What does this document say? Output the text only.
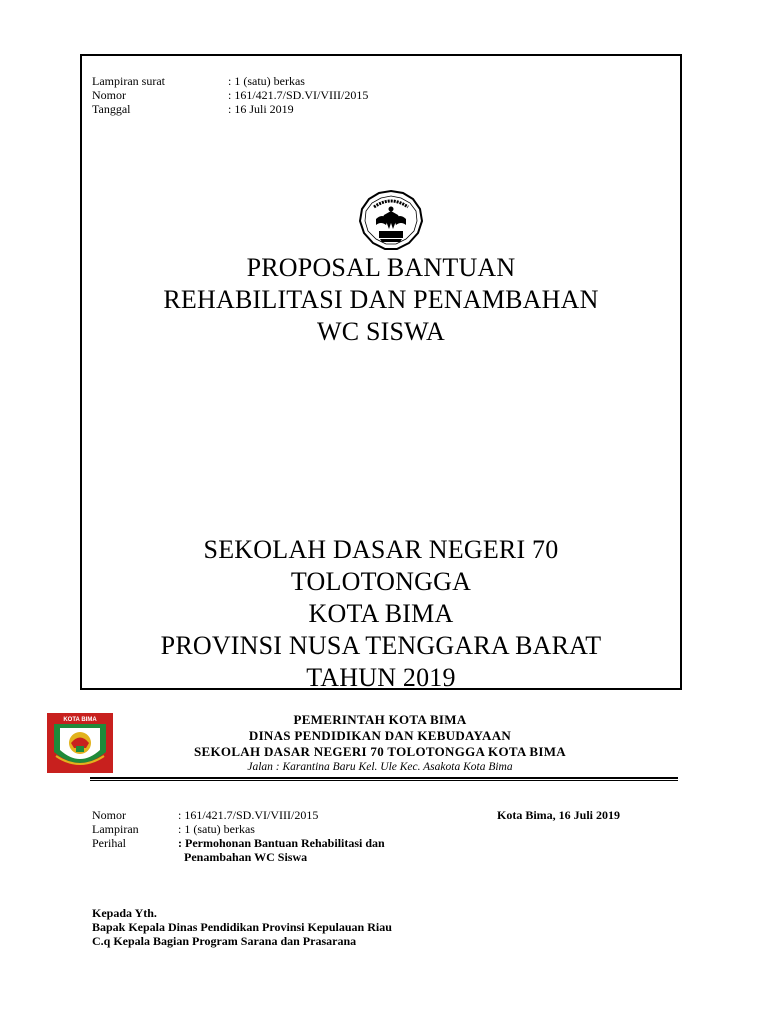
Lampiran surat	: 1 (satu) berkas
Nomor	: 161/421.7/SD.VI/VIII/2015
Tanggal	: 16 Juli 2019
PROPOSAL BANTUAN
REHABILITASI DAN PENAMBAHAN
WC SISWA
SEKOLAH DASAR NEGERI 70
TOLOTONGGA
KOTA BIMA
PROVINSI NUSA TENGGARA BARAT
TAHUN 2019
KOTA BIMA	PEMERINTAH KOTA BIMA
DINAS PENDIDIKAN DAN KEBUDAYAAN
SEKOLAH DASAR NEGERI 70 TOLOTONGGA KOTA BIMA
Jalan : Karantina Baru Kel. Ule Kec. Asakota Kota Bima
Nomor	: 161/421.7/SD.VI/VIII/2015
Lampiran	: 1 (satu) berkas
Perihal	: Permohonan Bantuan Rehabilitasi dan
Penambahan WC Siswa
Kota Bima, 16 Juli 2019
Kepada Yth.
Bapak Kepala Dinas Pendidikan Provinsi Kepulauan Riau
C.q Kepala Bagian Program Sarana dan Prasarana
